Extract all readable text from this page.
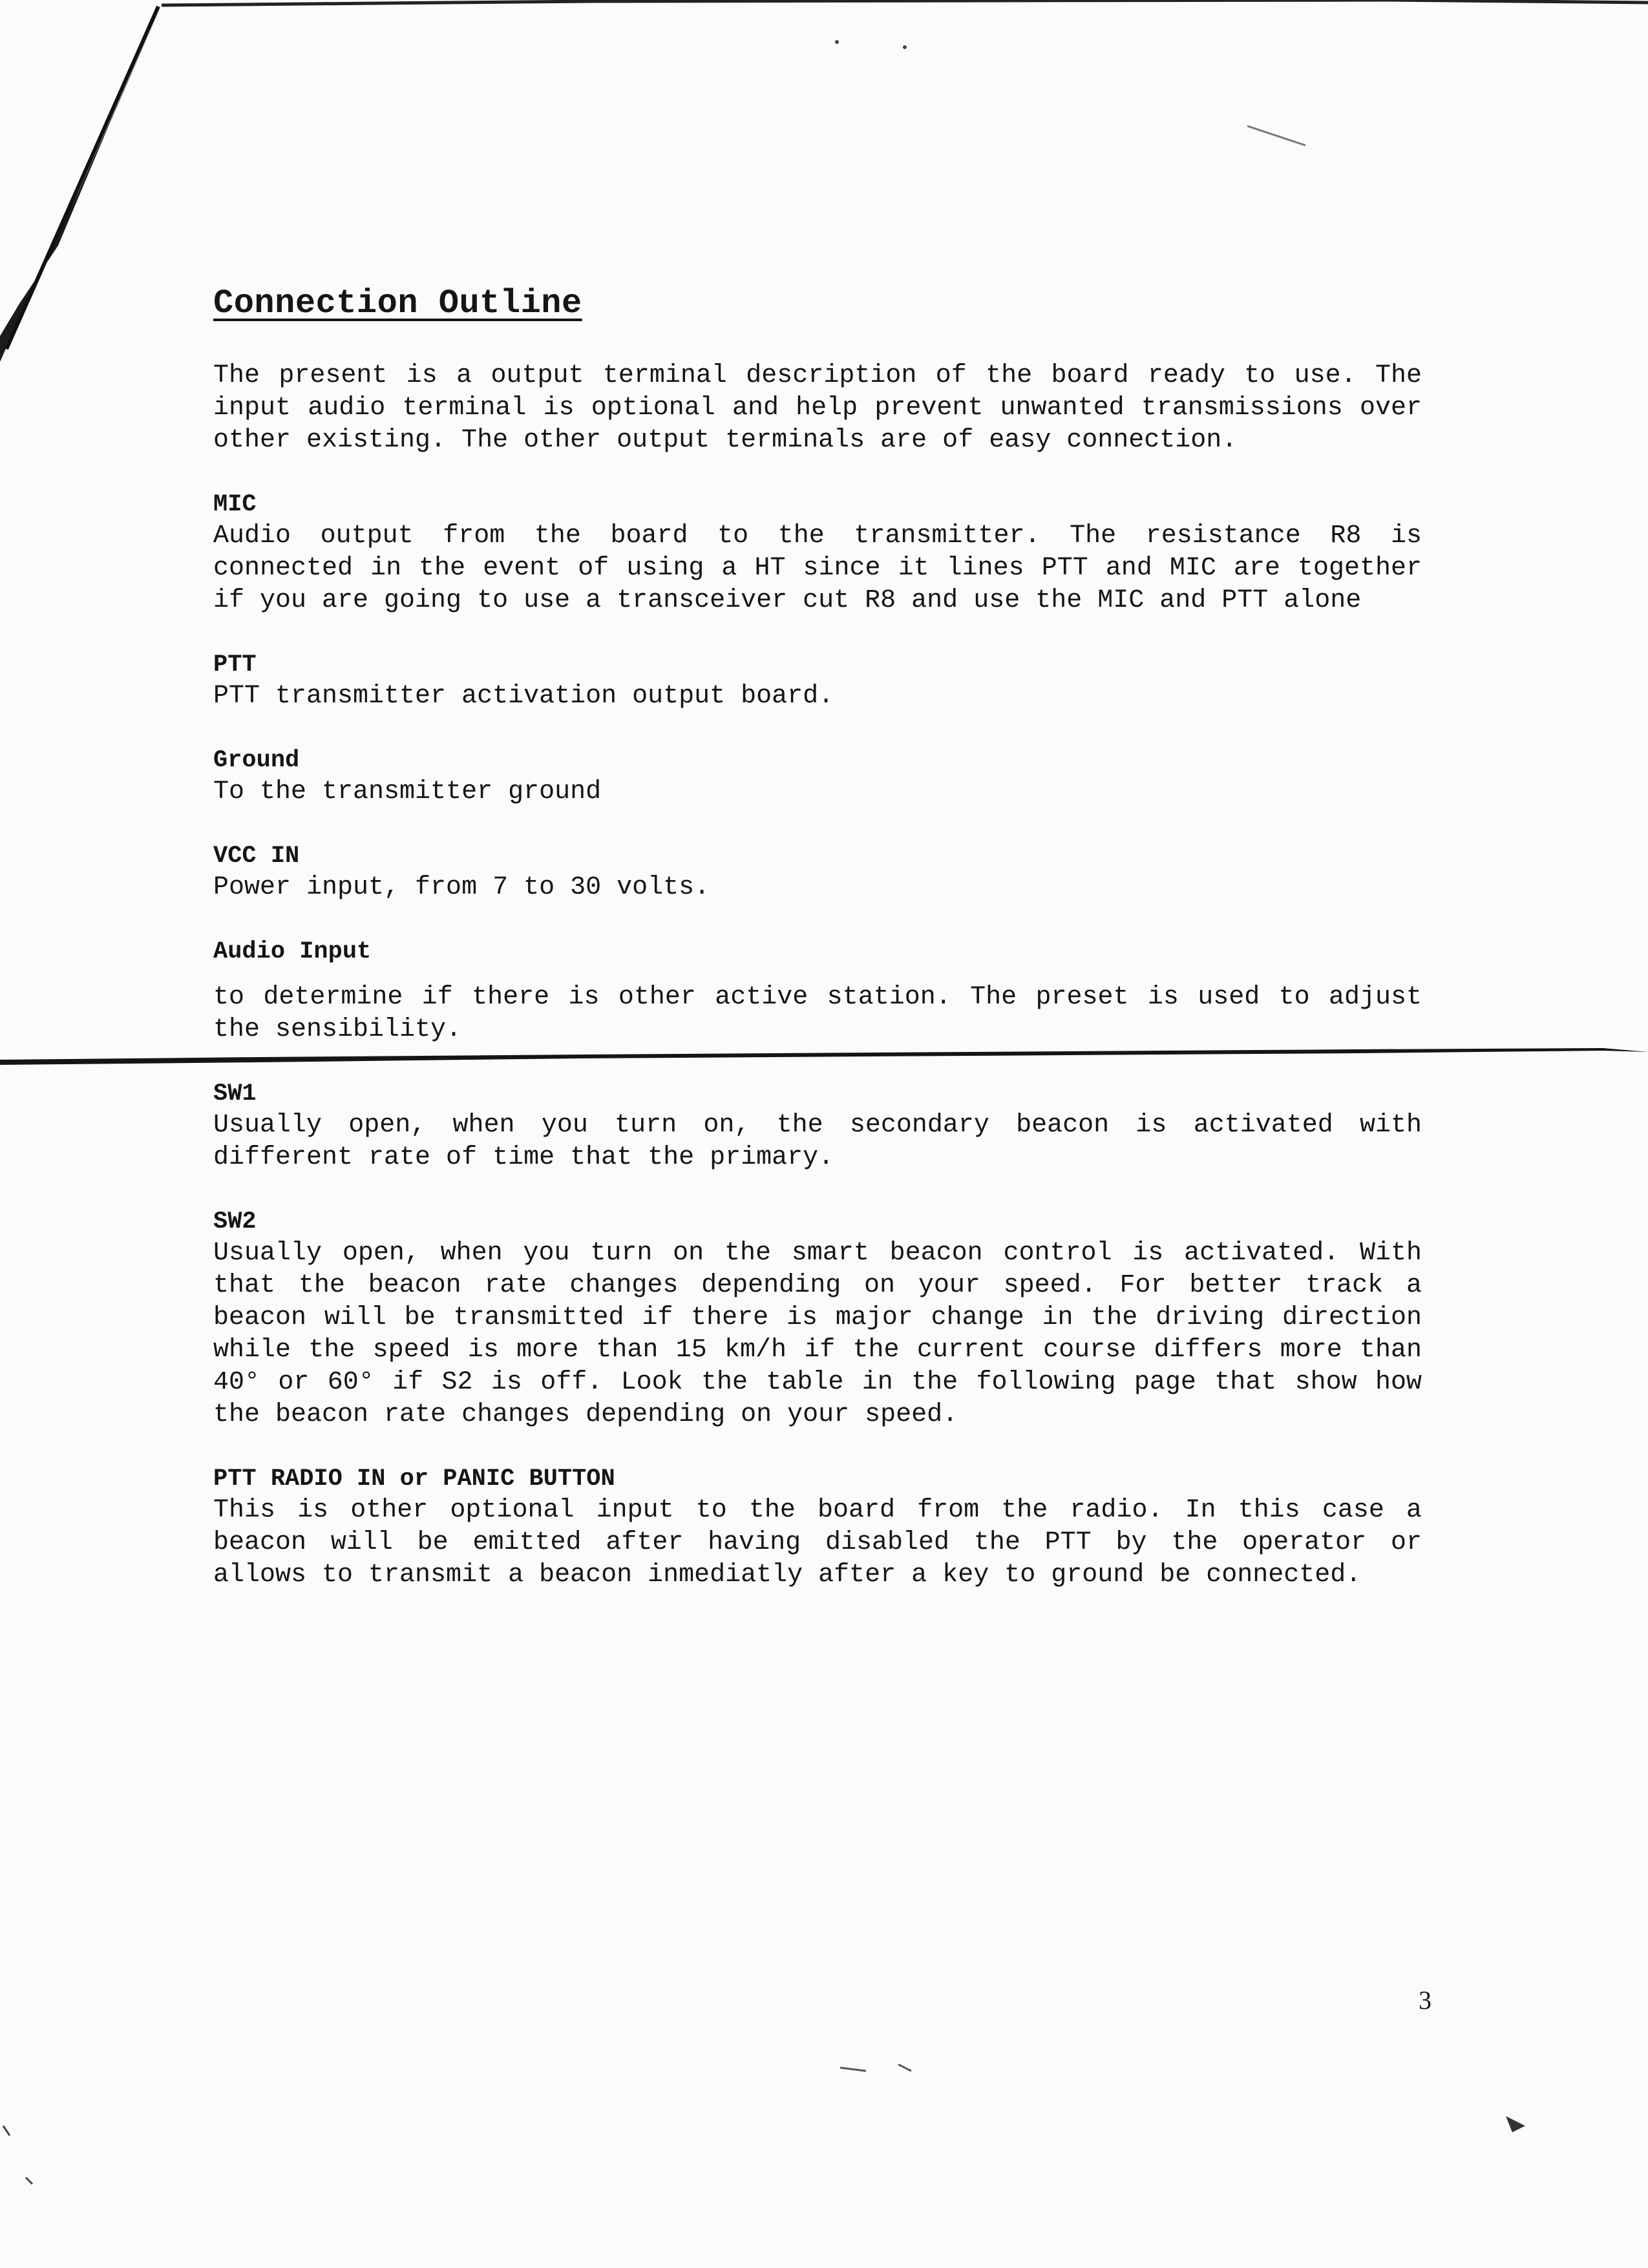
Connection Outline

The present is a output terminal description of the board ready to use. The input audio terminal is optional and help prevent unwanted transmissions over other existing. The other output terminals are of easy connection.

MIC

Audio output from the board to the transmitter. The resistance R8 is connected in the event of using a HT since it lines PTT and MIC are together if you are going to use a transceiver cut R8 and use the MIC and PTT alone

PTT

PTT transmitter activation output board.

Ground

To the transmitter ground

VCC IN

Power input, from 7 to 30 volts.

Audio Input

to determine if there is other active station. The preset is used to adjust the sensibility.

SW1

Usually open, when you turn on, the secondary beacon is activated with different rate of time that the primary.

SW2

Usually open, when you turn on the smart beacon control is activated. With that the beacon rate changes depending on your speed. For better track a beacon will be transmitted if there is major change in the driving direction while the speed is more than 15 km/h if the current course differs more than 40° or 60° if S2 is off. Look the table in the following page that show how the beacon rate changes depending on your speed.

PTT RADIO IN or PANIC BUTTON

This is other optional input to the board from the radio. In this case a beacon will be emitted after having disabled the PTT by the operator or allows to transmit a beacon inmediatly after a key to ground be connected.

3
